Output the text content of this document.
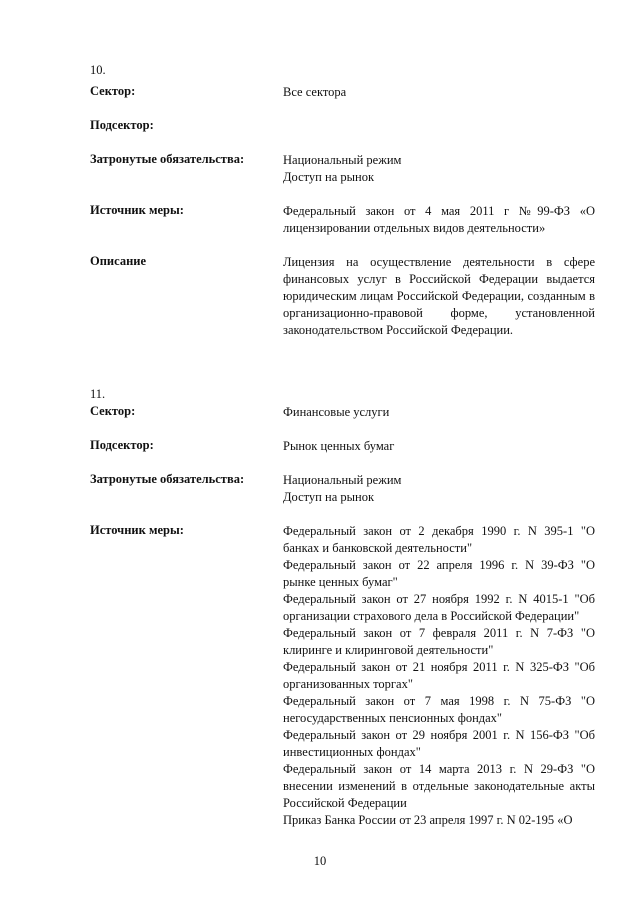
10.
Сектор:	Все сектора
Подсектор:
Затронутые обязательства:	Национальный режим
Доступ на рынок
Источник меры:	Федеральный закон от 4 мая 2011 г №99-ФЗ «О лицензировании отдельных видов деятельности»
Описание	Лицензия на осуществление деятельности в сфере финансовых услуг в Российской Федерации выдается юридическим лицам Российской Федерации, созданным в организационно-правовой форме, установленной законодательством Российской Федерации.
11.
Сектор:	Финансовые услуги
Подсектор:	Рынок ценных бумаг
Затронутые обязательства:	Национальный режим
Доступ на рынок
Источник меры:	Федеральный закон от 2 декабря 1990 г. N 395-1 "О банках и банковской деятельности"
Федеральный закон от 22 апреля 1996 г. N 39-ФЗ "О рынке ценных бумаг"
Федеральный закон от 27 ноября 1992 г. N 4015-1 "Об организации страхового дела в Российской Федерации"
Федеральный закон от 7 февраля 2011 г. N 7-ФЗ "О клиринге и клиринговой деятельности"
Федеральный закон от 21 ноября 2011 г. N 325-ФЗ "Об организованных торгах"
Федеральный закон от 7 мая 1998 г. N 75-ФЗ "О негосударственных пенсионных фондах"
Федеральный закон от 29 ноября 2001 г. N 156-ФЗ "Об инвестиционных фондах"
Федеральный закон от 14 марта 2013 г. N 29-ФЗ "О внесении изменений в отдельные законодательные акты Российской Федерации
Приказ Банка России от 23 апреля 1997 г. N 02-195 «О
10
